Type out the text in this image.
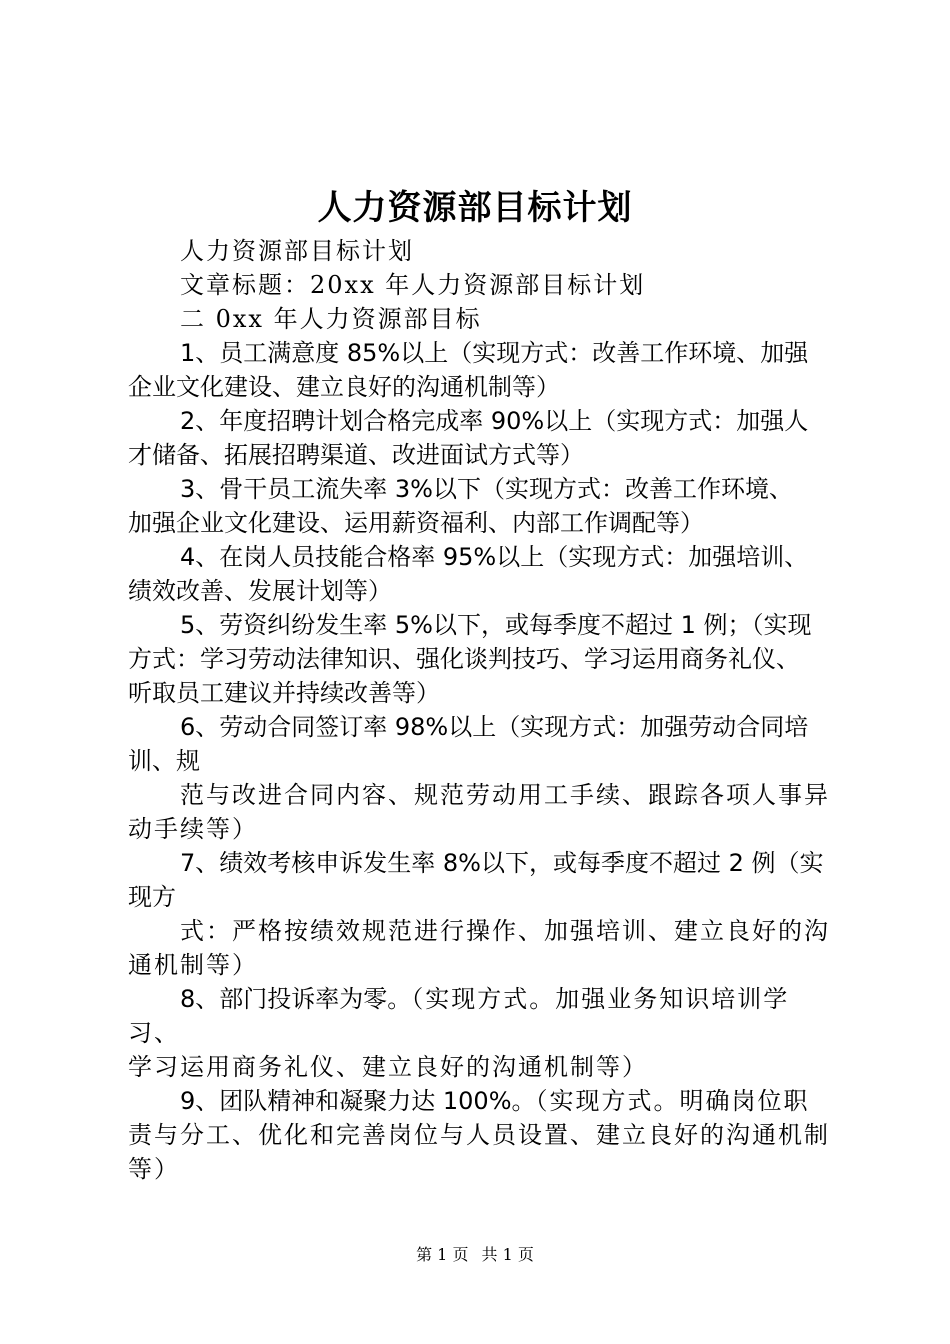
人力资源部目标计划

人力资源部目标计划

文章标题：20xx 年人力资源部目标计划

二 0xx 年人力资源部目标

1、员工满意度 85%以上（实现方式：改善工作环境、加强

企业文化建设、建立良好的沟通机制等）

2、年度招聘计划合格完成率 90%以上（实现方式：加强人

才储备、拓展招聘渠道、改进面试方式等）

3、骨干员工流失率 3%以下（实现方式：改善工作环境、

加强企业文化建设、运用薪资福利、内部工作调配等）

4、在岗人员技能合格率 95%以上（实现方式：加强培训、

绩效改善、发展计划等）

5、劳资纠纷发生率 5%以下，或每季度不超过 1 例；（实现

方式：学习劳动法律知识、强化谈判技巧、学习运用商务礼仪、

听取员工建议并持续改善等）

6、劳动合同签订率 98%以上（实现方式：加强劳动合同培

训、规

范与改进合同内容、规范劳动用工手续、跟踪各项人事异

动手续等）

7、绩效考核申诉发生率 8%以下，或每季度不超过 2 例（实

现方

式：严格按绩效规范进行操作、加强培训、建立良好的沟

通机制等）

8、部门投诉率为零。（实现方式。加强业务知识培训学习、

学习运用商务礼仪、建立良好的沟通机制等）

9、团队精神和凝聚力达 100%。（实现方式。明确岗位职

责与分工、优化和完善岗位与人员设置、建立良好的沟通机制

等）

第 1 页 共 1 页
